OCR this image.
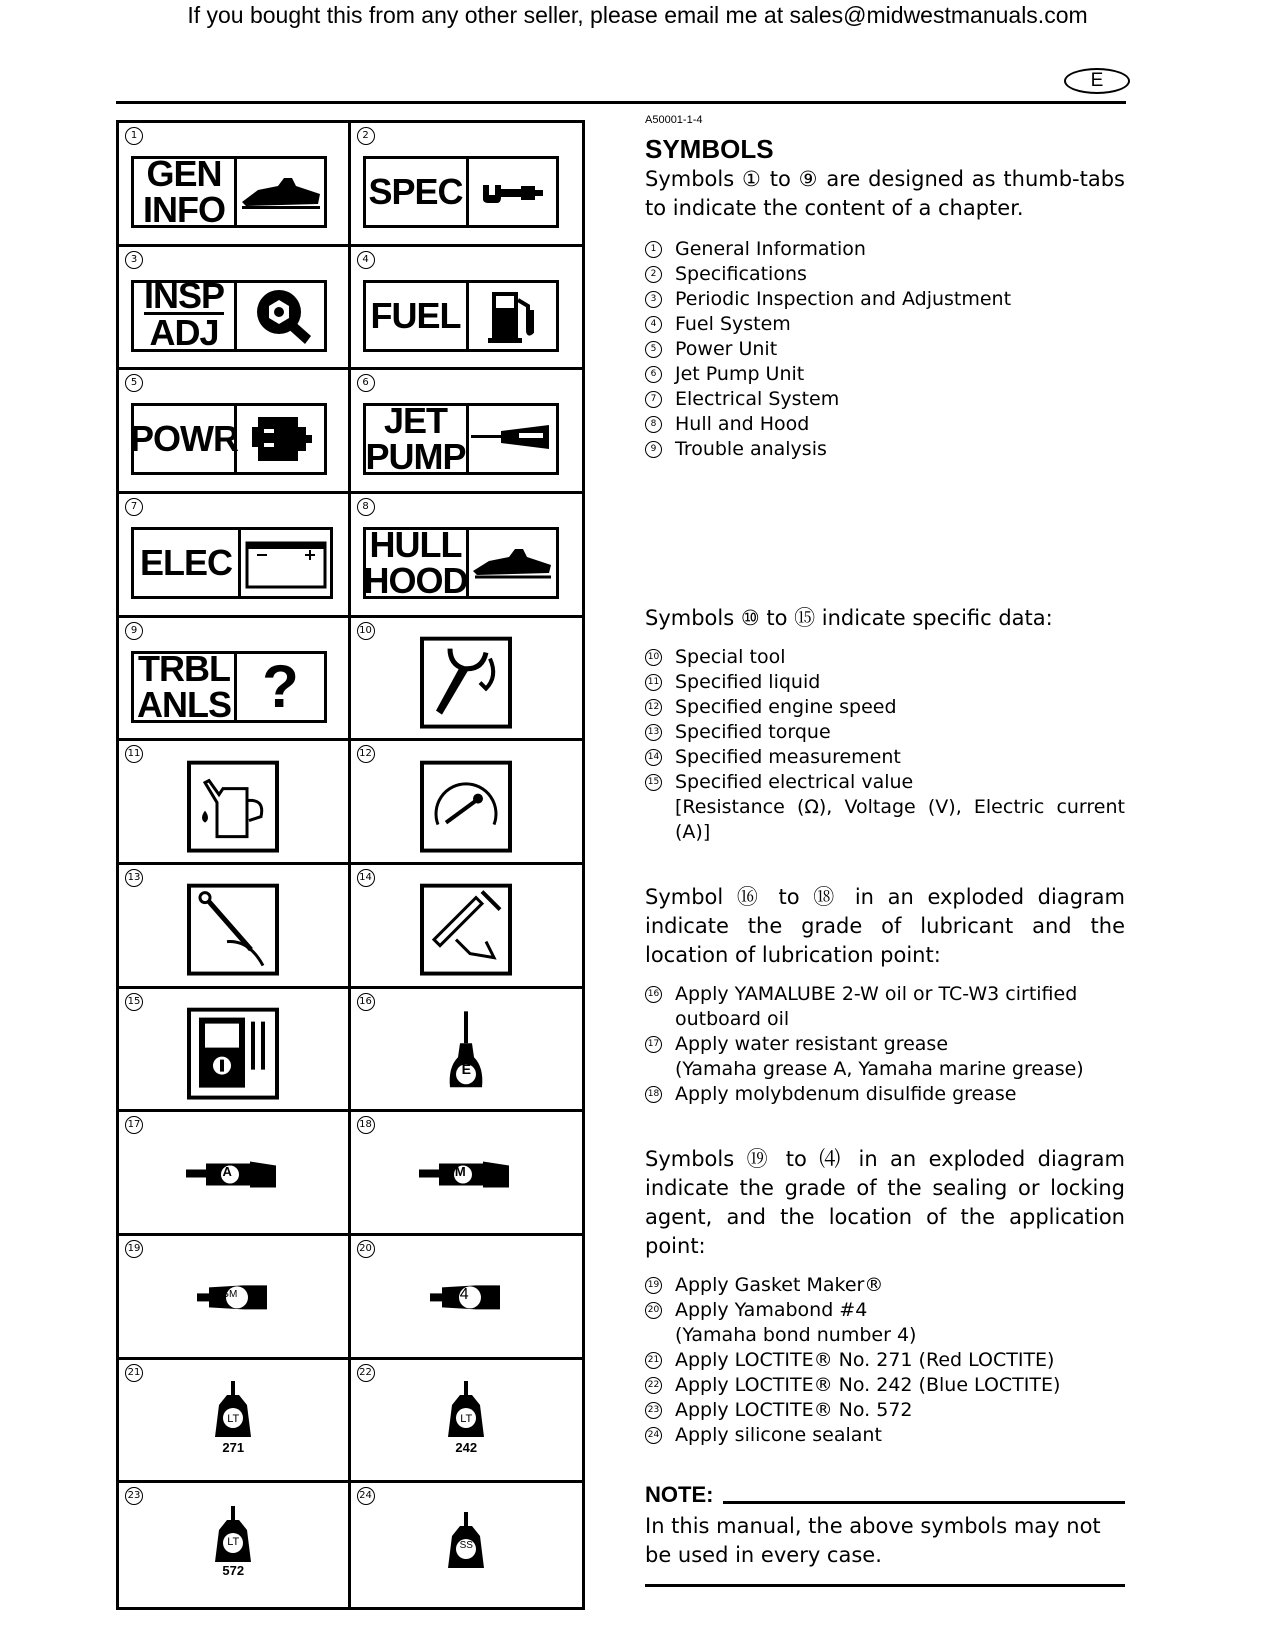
If you bought this from any other seller, please email me at sales@midwestmanuals.com
E
1
GEN
INFO
2
SPEC
3
INSP
ADJ
4
FUEL
5
POWR
6
JET
PUMP
7
ELEC
8
HULL
HOOD
9
TRBL
ANLS ?
10
11	12
13	14
15	16
E
17
A
18
M
19
GM
20
4
21
LT
271
22
LT
242
23
LT
572
24
SS
A50001-1-4
SYMBOLS

Symbols ① to ⑨ are designed as thumb-tabs to indicate the content of a chapter.

1 General Information
2 Specifications
3 Periodic Inspection and Adjustment
4 Fuel System
5 Power Unit
6 Jet Pump Unit
7 Electrical System
8 Hull and Hood
9 Trouble analysis

Symbols ⑩ to ⑮ indicate specific data:

10 Special tool
11 Specified liquid
12 Specified engine speed
13 Specified torque
14 Specified measurement
15 Specified electrical value
[Resistance (Ω), Voltage (V), Electric current (A)]

Symbol ⑯ to ⑱ in an exploded diagram indicate the grade of lubricant and the location of lubrication point:

16 Apply YAMALUBE 2-W oil or TC-W3 cirtified
outboard oil
17 Apply water resistant grease
(Yamaha grease A, Yamaha marine grease)
18 Apply molybdenum disulfide grease

Symbols ⑲ to ⑷ in an exploded diagram indicate the grade of the sealing or locking agent, and the location of the application point:

19 Apply Gasket Maker®
20 Apply Yamabond #4
(Yamaha bond number 4)
21 Apply LOCTITE® No. 271 (Red LOCTITE)
22 Apply LOCTITE® No. 242 (Blue LOCTITE)
23 Apply LOCTITE® No. 572
24 Apply silicone sealant
NOTE:
In this manual, the above symbols may not be used in every case.
